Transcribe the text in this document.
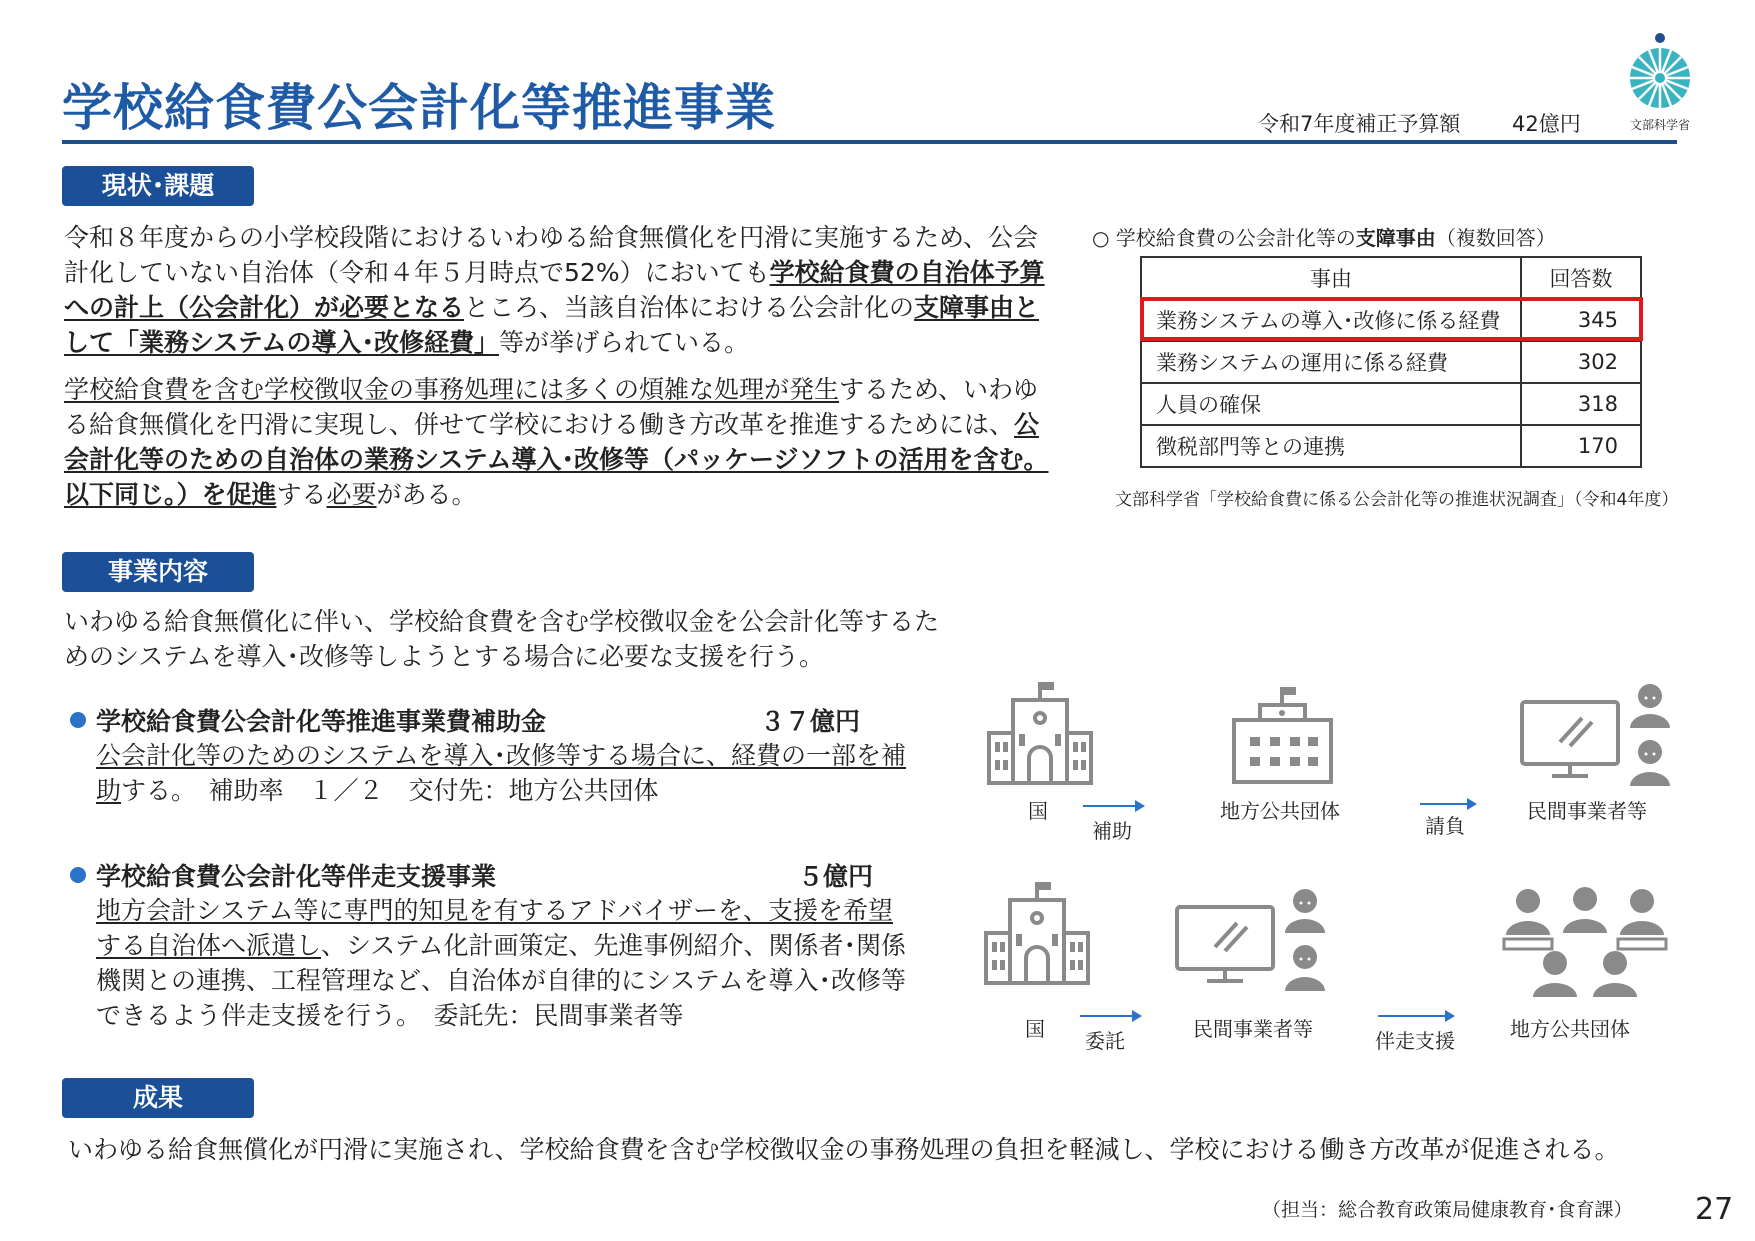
学校給食費公会計化等推進事業	令和7年度補正予算額 42億円	文部科学省
現状･課題
令和８年度からの小学校段階におけるいわゆる給食無償化を円滑に実施するため、公会計化していない自治体（令和４年５月時点で52%）においても学校給食費の自治体予算への計上（公会計化）が必要となるところ、当該自治体における公会計化の支障事由として「業務システムの導入･改修経費」等が挙げられている。
学校給食費を含む学校徴収金の事務処理には多くの煩雑な処理が発生するため、いわゆる給食無償化を円滑に実現し、併せて学校における働き方改革を推進するためには、公会計化等のための自治体の業務システム導入･改修等（パッケージソフトの活用を含む。以下同じ。）を促進する必要がある。
○ 学校給食費の公会計化等の支障事由（複数回答）
事由	回答数
業務システムの導入･改修に係る経費	345
業務システムの運用に係る経費	302
人員の確保	318
徴税部門等との連携	170
文部科学省「学校給食費に係る公会計化等の推進状況調査」（令和4年度）
事業内容
いわゆる給食無償化に伴い、学校給食費を含む学校徴収金を公会計化等するためのシステムを導入･改修等しようとする場合に必要な支援を行う。
学校給食費公会計化等推進事業費補助金	３７億円
公会計化等のためのシステムを導入･改修等する場合に、経費の一部を補助する。　補助率　１／２　交付先：地方公共団体
学校給食費公会計化等伴走支援事業	５億円
地方会計システム等に専門的知見を有するアドバイザーを、支援を希望する自治体へ派遣し、システム化計画策定、先進事例紹介、関係者･関係機関との連携、工程管理など、自治体が自律的にシステムを導入･改修等できるよう伴走支援を行う。　委託先：民間事業者等
国
補助
地方公共団体
請負
民間事業者等
国 委託	民間事業者等	伴走支援	地方公共団体
成果
いわゆる給食無償化が円滑に実施され、学校給食費を含む学校徴収金の事務処理の負担を軽減し、学校における働き方改革が促進される。
（担当：総合教育政策局健康教育･食育課） 27
